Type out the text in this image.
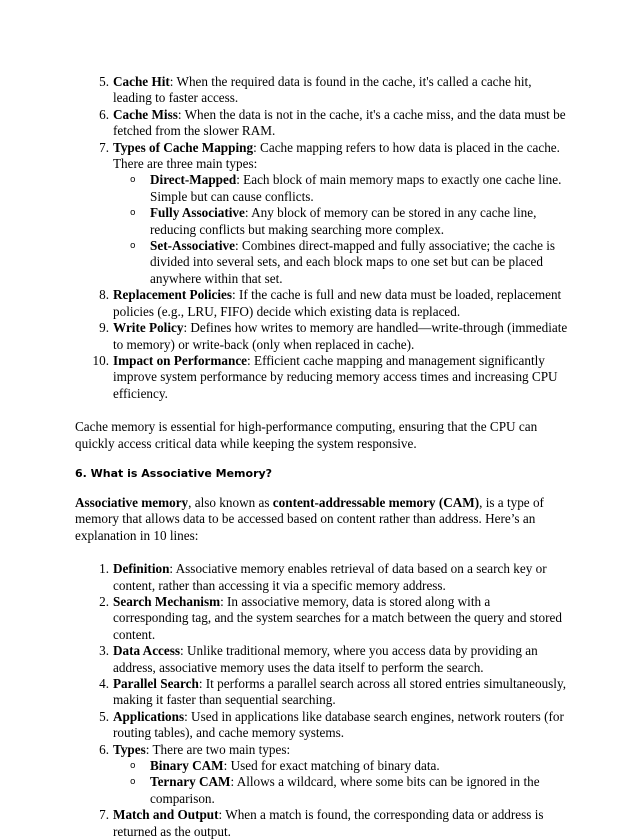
5. Cache Hit: When the required data is found in the cache, it's called a cache hit, leading to faster access.
6. Cache Miss: When the data is not in the cache, it's a cache miss, and the data must be fetched from the slower RAM.
7. Types of Cache Mapping: Cache mapping refers to how data is placed in the cache. There are three main types:
o Direct-Mapped: Each block of main memory maps to exactly one cache line. Simple but can cause conflicts.
o Fully Associative: Any block of memory can be stored in any cache line, reducing conflicts but making searching more complex.
o Set-Associative: Combines direct-mapped and fully associative; the cache is divided into several sets, and each block maps to one set but can be placed anywhere within that set.
8. Replacement Policies: If the cache is full and new data must be loaded, replacement policies (e.g., LRU, FIFO) decide which existing data is replaced.
9. Write Policy: Defines how writes to memory are handled—write-through (immediate to memory) or write-back (only when replaced in cache).
10. Impact on Performance: Efficient cache mapping and management significantly improve system performance by reducing memory access times and increasing CPU efficiency.

Cache memory is essential for high-performance computing, ensuring that the CPU can quickly access critical data while keeping the system responsive.

6. What is Associative Memory?

Associative memory, also known as content-addressable memory (CAM), is a type of memory that allows data to be accessed based on content rather than address. Here’s an explanation in 10 lines:

1. Definition: Associative memory enables retrieval of data based on a search key or content, rather than accessing it via a specific memory address.
2. Search Mechanism: In associative memory, data is stored along with a corresponding tag, and the system searches for a match between the query and stored content.
3. Data Access: Unlike traditional memory, where you access data by providing an address, associative memory uses the data itself to perform the search.
4. Parallel Search: It performs a parallel search across all stored entries simultaneously, making it faster than sequential searching.
5. Applications: Used in applications like database search engines, network routers (for routing tables), and cache memory systems.
6. Types: There are two main types:
o Binary CAM: Used for exact matching of binary data.
o Ternary CAM: Allows a wildcard, where some bits can be ignored in the comparison.
7. Match and Output: When a match is found, the corresponding data or address is returned as the output.
